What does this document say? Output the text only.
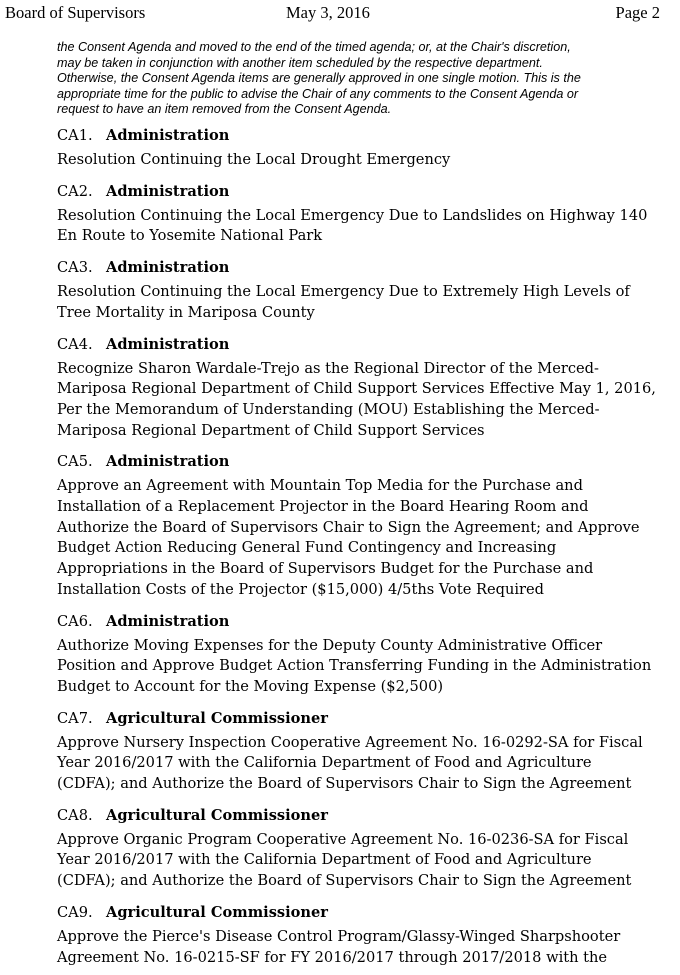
Board of Supervisors	May 3, 2016	Page 2
the Consent Agenda and moved to the end of the timed agenda; or, at the Chair's discretion,
may be taken in conjunction with another item scheduled by the respective department.
Otherwise, the Consent Agenda items are generally approved in one single motion. This is the
appropriate time for the public to advise the Chair of any comments to the Consent Agenda or
request to have an item removed from the Consent Agenda.
CA1. Administration
Resolution Continuing the Local Drought Emergency
CA2. Administration
Resolution Continuing the Local Emergency Due to Landslides on Highway 140
En Route to Yosemite National Park
CA3. Administration
Resolution Continuing the Local Emergency Due to Extremely High Levels of
Tree Mortality in Mariposa County
CA4. Administration
Recognize Sharon Wardale-Trejo as the Regional Director of the Merced-
Mariposa Regional Department of Child Support Services Effective May 1, 2016,
Per the Memorandum of Understanding (MOU) Establishing the Merced-
Mariposa Regional Department of Child Support Services
CA5. Administration
Approve an Agreement with Mountain Top Media for the Purchase and
Installation of a Replacement Projector in the Board Hearing Room and
Authorize the Board of Supervisors Chair to Sign the Agreement; and Approve
Budget Action Reducing General Fund Contingency and Increasing
Appropriations in the Board of Supervisors Budget for the Purchase and
Installation Costs of the Projector ($15,000) 4/5ths Vote Required
CA6. Administration
Authorize Moving Expenses for the Deputy County Administrative Officer
Position and Approve Budget Action Transferring Funding in the Administration
Budget to Account for the Moving Expense ($2,500)
CA7. Agricultural Commissioner
Approve Nursery Inspection Cooperative Agreement No. 16-0292-SA for Fiscal
Year 2016/2017 with the California Department of Food and Agriculture
(CDFA); and Authorize the Board of Supervisors Chair to Sign the Agreement
CA8. Agricultural Commissioner
Approve Organic Program Cooperative Agreement No. 16-0236-SA for Fiscal
Year 2016/2017 with the California Department of Food and Agriculture
(CDFA); and Authorize the Board of Supervisors Chair to Sign the Agreement
CA9. Agricultural Commissioner
Approve the Pierce's Disease Control Program/Glassy-Winged Sharpshooter
Agreement No. 16-0215-SF for FY 2016/2017 through 2017/2018 with the
